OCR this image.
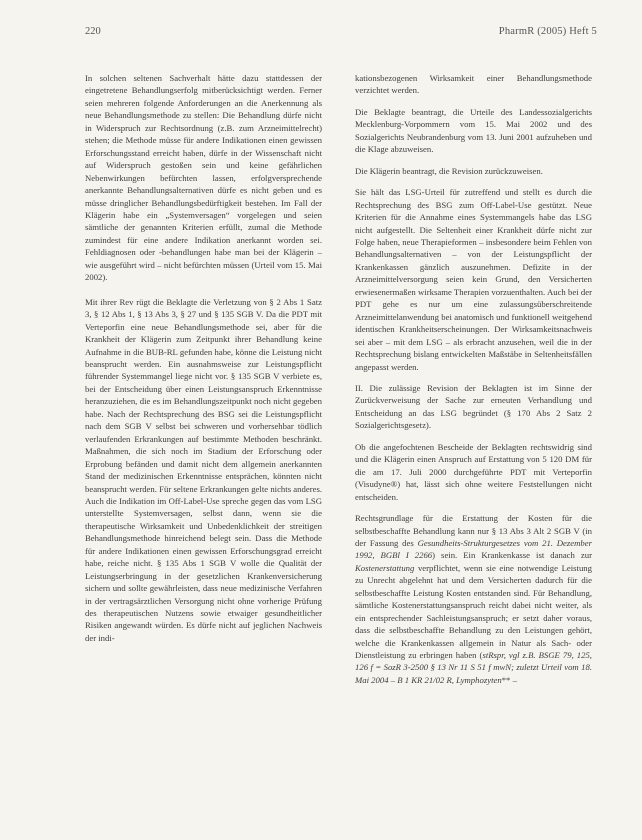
220	PharmR (2005) Heft 5

In solchen seltenen Sachverhalt hätte dazu stattdessen der eingetretene Behandlungserfolg mitberücksichtigt werden. Ferner seien mehreren folgende Anforderungen an die Anerkennung als neue Behandlungsmethode zu stellen: Die Behandlung dürfe nicht in Widerspruch zur Rechtsordnung (z.B. zum Arzneimittelrecht) stehen; die Methode müsse für andere Indikationen einen gewissen Erforschungsstand erreicht haben, dürfe in der Wissenschaft nicht auf Widerspruch gestoßen sein und keine gefährlichen Nebenwirkungen befürchten lassen, erfolgversprechende anerkannte Behandlungsalternativen dürfe es nicht geben und es müsse dringlicher Behandlungsbedürftigkeit bestehen. Im Fall der Klägerin habe ein „Systemversagen“ vorgelegen und seien sämtliche der genannten Kriterien erfüllt, zumal die Methode zumindest für eine andere Indikation anerkannt worden sei. Fehldiagnosen oder -behandlungen habe man bei der Klägerin – wie ausgeführt wird – nicht befürchten müssen (Urteil vom 15. Mai 2002).

Mit ihrer Rev rügt die Beklagte die Verletzung von § 2 Abs 1 Satz 3, § 12 Abs 1, § 13 Abs 3, § 27 und § 135 SGB V. Da die PDT mit Verteporfin eine neue Behandlungsmethode sei, aber für die Krankheit der Klägerin zum Zeitpunkt ihrer Behandlung keine Aufnahme in die BUB-RL gefunden habe, könne die Leistung nicht beansprucht werden. Ein ausnahmsweise zur Leistungspflicht führender Systemmangel liege nicht vor. § 135 SGB V verbiete es, bei der Entscheidung über einen Leistungsanspruch Erkenntnisse heranzuziehen, die es im Behandlungszeitpunkt noch nicht gegeben habe. Nach der Rechtsprechung des BSG sei die Leistungspflicht nach dem SGB V selbst bei schweren und vorhersehbar tödlich verlaufenden Erkrankungen auf bestimmte Methoden beschränkt. Maßnahmen, die sich noch im Stadium der Erforschung oder Erprobung befänden und damit nicht dem allgemein anerkannten Stand der medizinischen Erkenntnisse entsprächen, könnten nicht beansprucht werden. Für seltene Erkrankungen gelte nichts anderes. Auch die Indikation im Off-Label-Use spreche gegen das vom LSG unterstellte Systemversagen, selbst dann, wenn sie die therapeutische Wirksamkeit und Unbedenklichkeit der streitigen Behandlungsmethode hinreichend belegt sein. Dass die Methode für andere Indikationen einen gewissen Erforschungsgrad erreicht habe, reiche nicht. § 135 Abs 1 SGB V wolle die Qualität der Leistungserbringung in der gesetzlichen Krankenversicherung sichern und sollte gewährleisten, dass neue medizinische Verfahren in der vertragsärztlichen Versorgung nicht ohne vorherige Prüfung des therapeutischen Nutzens sowie etwaiger gesundheitlicher Risiken angewandt würden. Es dürfe nicht auf jeglichen Nachweis der indi-

kationsbezogenen Wirksamkeit einer Behandlungsmethode verzichtet werden.

Die Beklagte beantragt, die Urteile des Landessozialgerichts Mecklenburg-Vorpommern vom 15. Mai 2002 und des Sozialgerichts Neubrandenburg vom 13. Juni 2001 aufzuheben und die Klage abzuweisen.

Die Klägerin beantragt, die Revision zurückzuweisen.

Sie hält das LSG-Urteil für zutreffend und stellt es durch die Rechtsprechung des BSG zum Off-Label-Use gestützt. Neue Kriterien für die Annahme eines Systemmangels habe das LSG nicht aufgestellt. Die Seltenheit einer Krankheit dürfe nicht zur Folge haben, neue Therapieformen – insbesondere beim Fehlen von Behandlungsalternativen – von der Leistungspflicht der Krankenkassen gänzlich auszunehmen. Defizite in der Arzneimittelversorgung seien kein Grund, den Versicherten erwiesenermaßen wirksame Therapien vorzuenthalten. Auch bei der PDT gehe es nur um eine zulassungsüberschreitende Arzneimittelanwendung bei anatomisch und funktionell weitgehend identischen Krankheitserscheinungen. Der Wirksamkeitsnachweis sei aber – mit dem LSG – als erbracht anzusehen, weil die in der Rechtsprechung bislang entwickelten Maßstäbe in Seltenheitsfällen angepasst werden.

II. Die zulässige Revision der Beklagten ist im Sinne der Zurückverweisung der Sache zur erneuten Verhandlung und Entscheidung an das LSG begründet (§ 170 Abs 2 Satz 2 Sozialgerichtsgesetz).

Ob die angefochtenen Bescheide der Beklagten rechtswidrig sind und die Klägerin einen Anspruch auf Erstattung von 5 120 DM für die am 17. Juli 2000 durchgeführte PDT mit Verteporfin (Visudyne®) hat, lässt sich ohne weitere Feststellungen nicht entscheiden.

Rechtsgrundlage für die Erstattung der Kosten für die selbstbeschaffte Behandlung kann nur § 13 Abs 3 Alt 2 SGB V (in der Fassung des Gesundheits-Strukturgesetzes vom 21. Dezember 1992, BGBl I 2266) sein. Ein Krankenkasse ist danach zur Kostenerstattung verpflichtet, wenn sie eine notwendige Leistung zu Unrecht abgelehnt hat und dem Versicherten dadurch für die selbstbeschaffte Leistung Kosten entstanden sind. Für Behandlung, sämtliche Kostenerstattungsanspruch reicht dabei nicht weiter, als ein entsprechender Sachleistungsanspruch; er setzt daher voraus, dass die selbstbeschaffte Behandlung zu den Leistungen gehört, welche die Krankenkassen allgemein in Natur als Sach- oder Dienstleistung zu erbringen haben (stRspr, vgl z.B. BSGE 79, 125, 126 f = SozR 3-2500 § 13 Nr 11 S 51 f mwN; zuletzt Urteil vom 18. Mai 2004 – B 1 KR 21/02 R, Lymphozyten** –
